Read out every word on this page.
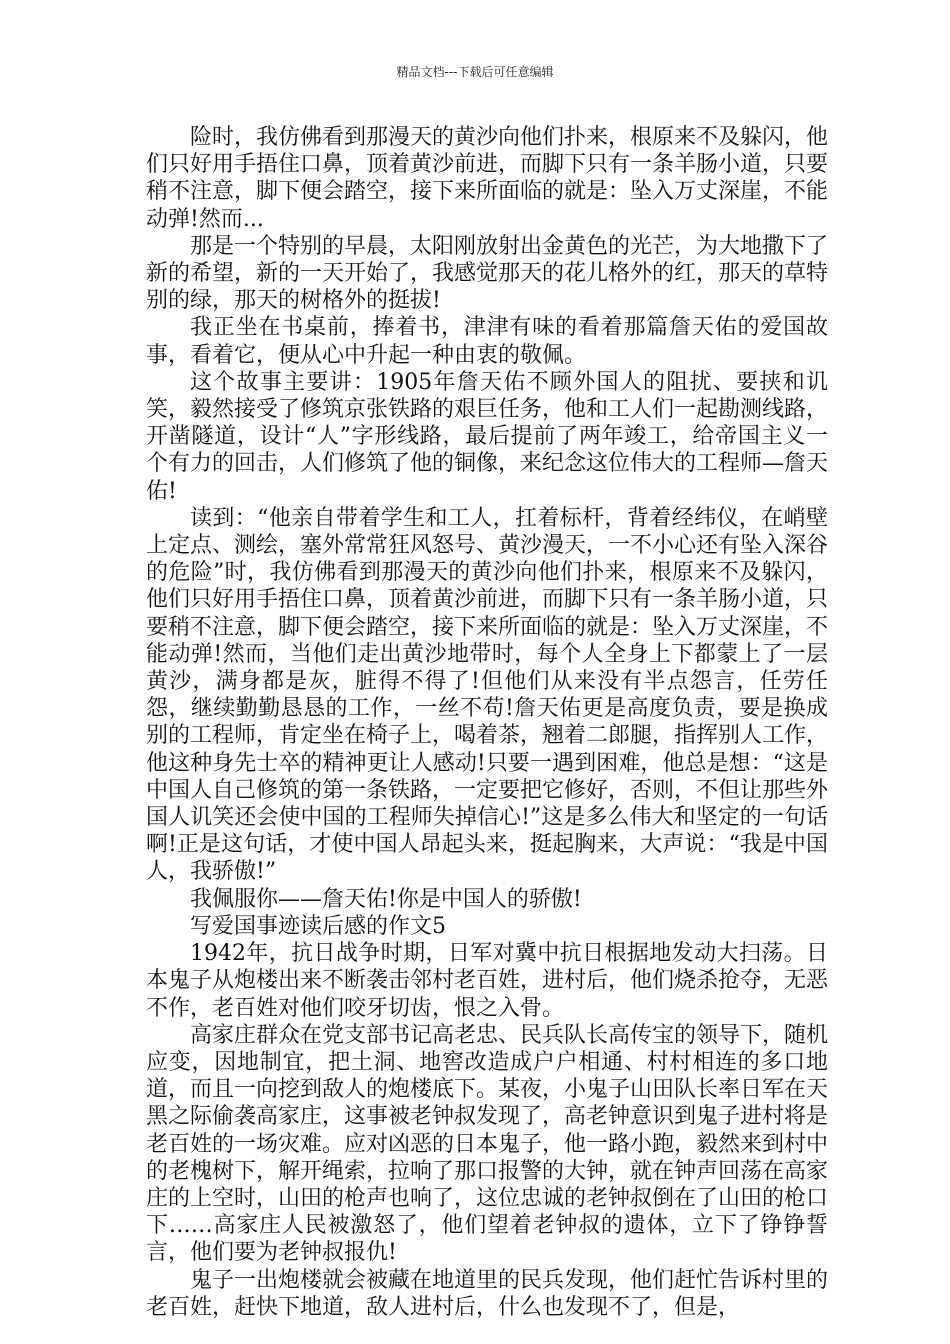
精品文档---下载后可任意编辑

险时，我仿佛看到那漫天的黄沙向他们扑来，根原来不及躲闪，他们只好用手捂住口鼻，顶着黄沙前进，而脚下只有一条羊肠小道，只要稍不注意，脚下便会踏空，接下来所面临的就是：坠入万丈深崖，不能动弹!然而...

那是一个特别的早晨，太阳刚放射出金黄色的光芒，为大地撒下了新的希望，新的一天开始了，我感觉那天的花儿格外的红，那天的草特别的绿，那天的树格外的挺拔!

我正坐在书桌前，捧着书，津津有味的看着那篇詹天佑的爱国故事，看着它，便从心中升起一种由衷的敬佩。

这个故事主要讲：1905年詹天佑不顾外国人的阻扰、要挟和讥笑，毅然接受了修筑京张铁路的艰巨任务，他和工人们一起勘测线路，开凿隧道，设计“人”字形线路，最后提前了两年竣工，给帝国主义一个有力的回击，人们修筑了他的铜像，来纪念这位伟大的工程师—詹天佑!

读到：“他亲自带着学生和工人，扛着标杆，背着经纬仪，在峭壁上定点、测绘，塞外常常狂风怒号、黄沙漫天，一不小心还有坠入深谷的危险”时，我仿佛看到那漫天的黄沙向他们扑来，根原来不及躲闪，他们只好用手捂住口鼻，顶着黄沙前进，而脚下只有一条羊肠小道，只要稍不注意，脚下便会踏空，接下来所面临的就是：坠入万丈深崖，不能动弹!然而，当他们走出黄沙地带时，每个人全身上下都蒙上了一层黄沙，满身都是灰，脏得不得了!但他们从来没有半点怨言，任劳任怨，继续勤勤恳恳的工作，一丝不苟!詹天佑更是高度负责，要是换成别的工程师，肯定坐在椅子上，喝着茶，翘着二郎腿，指挥别人工作，他这种身先士卒的精神更让人感动!只要一遇到困难，他总是想：“这是中国人自己修筑的第一条铁路，一定要把它修好，否则，不但让那些外国人讥笑还会使中国的工程师失掉信心!”这是多么伟大和坚定的一句话啊!正是这句话，才使中国人昂起头来，挺起胸来，大声说：“我是中国人，我骄傲!”

我佩服你——詹天佑!你是中国人的骄傲!

写爱国事迹读后感的作文5

1942年，抗日战争时期，日军对冀中抗日根据地发动大扫荡。日本鬼子从炮楼出来不断袭击邻村老百姓，进村后，他们烧杀抢夺，无恶不作，老百姓对他们咬牙切齿，恨之入骨。

高家庄群众在党支部书记高老忠、民兵队长高传宝的领导下，随机应变，因地制宜，把土洞、地窖改造成户户相通、村村相连的多口地道，而且一向挖到敌人的炮楼底下。某夜，小鬼子山田队长率日军在天黑之际偷袭高家庄，这事被老钟叔发现了，高老钟意识到鬼子进村将是老百姓的一场灾难。应对凶恶的日本鬼子，他一路小跑，毅然来到村中的老槐树下，解开绳索，拉响了那口报警的大钟，就在钟声回荡在高家庄的上空时，山田的枪声也响了，这位忠诚的老钟叔倒在了山田的枪口下……高家庄人民被激怒了，他们望着老钟叔的遗体，立下了铮铮誓言，他们要为老钟叔报仇!

鬼子一出炮楼就会被藏在地道里的民兵发现，他们赶忙告诉村里的老百姓，赶快下地道，敌人进村后，什么也发现不了，但是，
